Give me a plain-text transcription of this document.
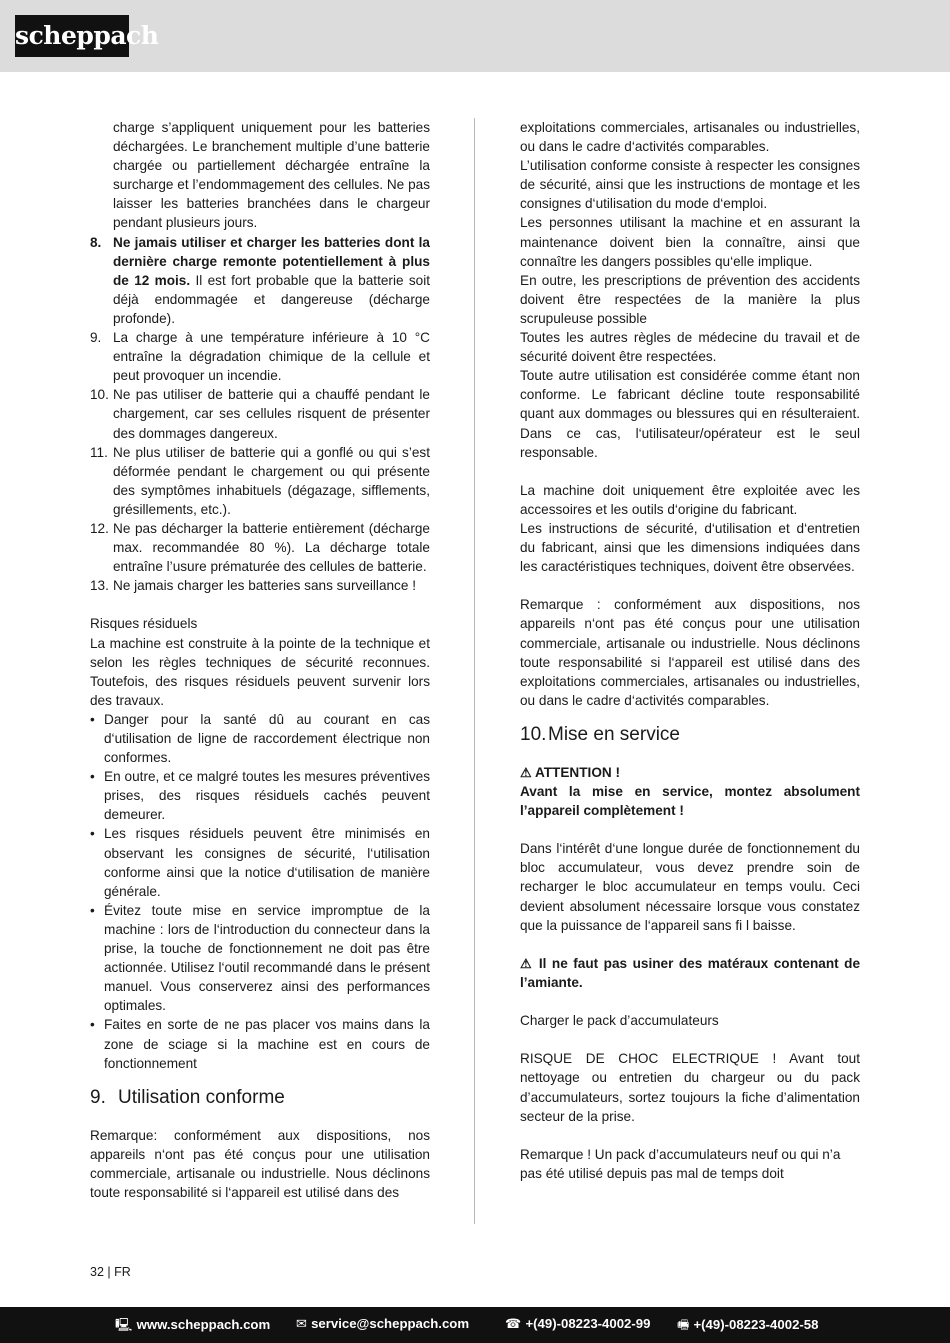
scheppach

charge s’appliquent uniquement pour les batteries déchargées. Le branchement multiple d’une batterie chargée ou partiellement déchargée entraîne la surcharge et l’endommagement des cellules. Ne pas laisser les batteries branchées dans le chargeur pendant plusieurs jours.

8. Ne jamais utiliser et charger les batteries dont la dernière charge remonte potentiellement à plus de 12 mois. Il est fort probable que la batterie soit déjà endommagée et dangereuse (décharge profonde).
9. La charge à une température inférieure à 10 °C entraîne la dégradation chimique de la cellule et peut provoquer un incendie.
10. Ne pas utiliser de batterie qui a chauffé pendant le chargement, car ses cellules risquent de présenter des dommages dangereux.
11. Ne plus utiliser de batterie qui a gonflé ou qui s’est déformée pendant le chargement ou qui présente des symptômes inhabituels (dégazage, sifflements, grésillements, etc.).
12. Ne pas décharger la batterie entièrement (décharge max. recommandée 80 %). La décharge totale entraîne l’usure prématurée des cellules de batterie.
13. Ne jamais charger les batteries sans surveillance !

Risques résiduels

La machine est construite à la pointe de la technique et selon les règles techniques de sécurité reconnues. Toutefois, des risques résiduels peuvent survenir lors des travaux.

• Danger pour la santé dû au courant en cas d‘utilisation de ligne de raccordement électrique non conformes.
• En outre, et ce malgré toutes les mesures préventives prises, des risques résiduels cachés peuvent demeurer.
• Les risques résiduels peuvent être minimisés en observant les consignes de sécurité, l‘utilisation conforme ainsi que la notice d‘utilisation de manière générale.
• Évitez toute mise en service impromptue de la machine : lors de l‘introduction du connecteur dans la prise, la touche de fonctionnement ne doit pas être actionnée. Utilisez l‘outil recommandé dans le présent manuel. Vous conserverez ainsi des performances optimales.
• Faites en sorte de ne pas placer vos mains dans la zone de sciage si la machine est en cours de fonctionnement
9. Utilisation conforme

Remarque: conformément aux dispositions, nos appareils n‘ont pas été conçus pour une utilisation commerciale, artisanale ou industrielle. Nous déclinons toute responsabilité si l‘appareil est utilisé dans des

exploitations commerciales, artisanales ou industrielles, ou dans le cadre d‘activités comparables.

L’utilisation conforme consiste à respecter les consignes de sécurité, ainsi que les instructions de montage et les consignes d‘utilisation du mode d‘emploi.

Les personnes utilisant la machine et en assurant la maintenance doivent bien la connaître, ainsi que connaître les dangers possibles qu‘elle implique.

En outre, les prescriptions de prévention des accidents doivent être respectées de la manière la plus scrupuleuse possible

Toutes les autres règles de médecine du travail et de sécurité doivent être respectées.

Toute autre utilisation est considérée comme étant non conforme. Le fabricant décline toute responsabilité quant aux dommages ou blessures qui en résulteraient. Dans ce cas, l‘utilisateur/opérateur est le seul responsable.

La machine doit uniquement être exploitée avec les accessoires et les outils d‘origine du fabricant.

Les instructions de sécurité, d‘utilisation et d‘entretien du fabricant, ainsi que les dimensions indiquées dans les caractéristiques techniques, doivent être observées.

Remarque : conformément aux dispositions, nos appareils n‘ont pas été conçus pour une utilisation commerciale, artisanale ou industrielle. Nous déclinons toute responsabilité si l‘appareil est utilisé dans des exploitations commerciales, artisanales ou industrielles, ou dans le cadre d‘activités comparables.

10. Mise en service

⚠ ATTENTION !

Avant la mise en service, montez absolument l’appareil complètement !

Dans l‘intérêt d‘une longue durée de fonctionnement du bloc accumulateur, vous devez prendre soin de recharger le bloc accumulateur en temps voulu. Ceci devient absolument nécessaire lorsque vous constatez que la puissance de l‘appareil sans fi l baisse.

⚠ Il ne faut pas usiner des matéraux contenant de l’amiante.

Charger le pack d’accumulateurs

RISQUE DE CHOC ELECTRIQUE ! Avant tout nettoyage ou entretien du chargeur ou du pack d’accumulateurs, sortez toujours la fiche d’alimentation secteur de la prise.

Remarque ! Un pack d’accumulateurs neuf ou qui n’a pas été utilisé depuis pas mal de temps doit

32 | FR
🖳 www.scheppach.com ✉ service@scheppach.com	☎ +(49)-08223-4002-99 🖷 +(49)-08223-4002-58
